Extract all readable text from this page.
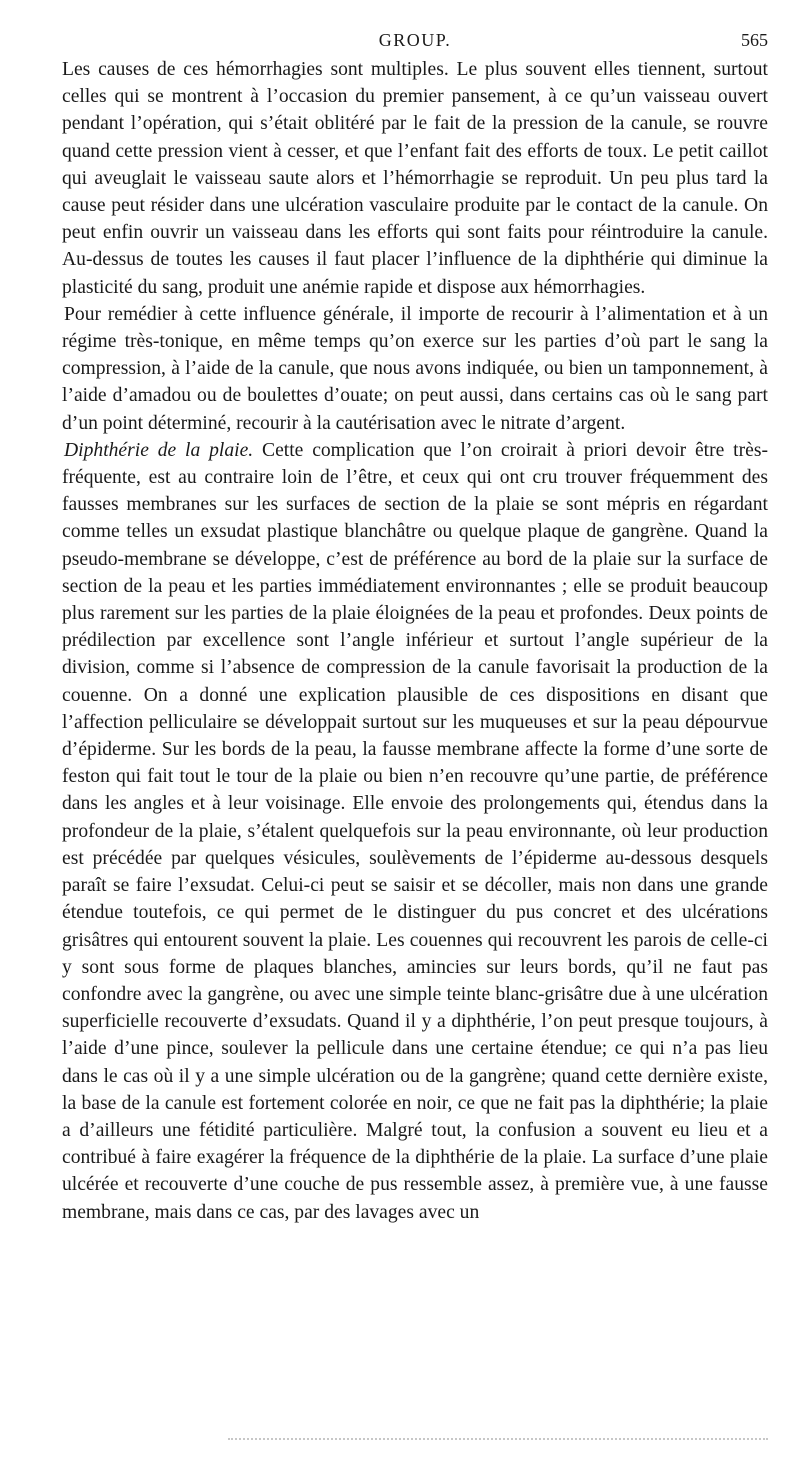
GROUP.	565

Les causes de ces hémorrhagies sont multiples. Le plus souvent elles tiennent, surtout celles qui se montrent à l’occasion du premier pansement, à ce qu’un vaisseau ouvert pendant l’opération, qui s’était oblitéré par le fait de la pression de la canule, se rouvre quand cette pression vient à cesser, et que l’enfant fait des efforts de toux. Le petit caillot qui aveuglait le vaisseau saute alors et l’hémorrhagie se reproduit. Un peu plus tard la cause peut résider dans une ulcération vasculaire produite par le contact de la canule. On peut enfin ouvrir un vaisseau dans les efforts qui sont faits pour réintroduire la canule. Au-dessus de toutes les causes il faut placer l’influence de la diphthérie qui diminue la plasticité du sang, produit une anémie rapide et dispose aux hémorrhagies.

Pour remédier à cette influence générale, il importe de recourir à l’alimentation et à un régime très-tonique, en même temps qu’on exerce sur les parties d’où part le sang la compression, à l’aide de la canule, que nous avons indiquée, ou bien un tamponnement, à l’aide d’amadou ou de boulettes d’ouate; on peut aussi, dans certains cas où le sang part d’un point déterminé, recourir à la cautérisation avec le nitrate d’argent.

Diphthérie de la plaie. Cette complication que l’on croirait à priori devoir être très-fréquente, est au contraire loin de l’être, et ceux qui ont cru trouver fréquemment des fausses membranes sur les surfaces de section de la plaie se sont mépris en régardant comme telles un exsudat plastique blanchâtre ou quelque plaque de gangrène. Quand la pseudo-membrane se développe, c’est de préférence au bord de la plaie sur la surface de section de la peau et les parties immédiatement environnantes ; elle se produit beaucoup plus rarement sur les parties de la plaie éloignées de la peau et profondes. Deux points de prédilection par excellence sont l’angle inférieur et surtout l’angle supérieur de la division, comme si l’absence de compression de la canule favorisait la production de la couenne. On a donné une explication plausible de ces dispositions en disant que l’affection pelliculaire se développait surtout sur les muqueuses et sur la peau dépourvue d’épiderme. Sur les bords de la peau, la fausse membrane affecte la forme d’une sorte de feston qui fait tout le tour de la plaie ou bien n’en recouvre qu’une partie, de préférence dans les angles et à leur voisinage. Elle envoie des prolongements qui, étendus dans la profondeur de la plaie, s’étalent quelquefois sur la peau environnante, où leur production est précédée par quelques vésicules, soulèvements de l’épiderme au-dessous desquels paraît se faire l’exsudat. Celui-ci peut se saisir et se décoller, mais non dans une grande étendue toutefois, ce qui permet de le distinguer du pus concret et des ulcérations grisâtres qui entourent souvent la plaie. Les couennes qui recouvrent les parois de celle-ci y sont sous forme de plaques blanches, amincies sur leurs bords, qu’il ne faut pas confondre avec la gangrène, ou avec une simple teinte blanc-grisâtre due à une ulcération superficielle recouverte d’exsudats. Quand il y a diphthérie, l’on peut presque toujours, à l’aide d’une pince, soulever la pellicule dans une certaine étendue; ce qui n’a pas lieu dans le cas où il y a une simple ulcération ou de la gangrène; quand cette dernière existe, la base de la canule est fortement colorée en noir, ce que ne fait pas la diphthérie; la plaie a d’ailleurs une fétidité particulière. Malgré tout, la confusion a souvent eu lieu et a contribué à faire exagérer la fréquence de la diphthérie de la plaie. La surface d’une plaie ulcérée et recouverte d’une couche de pus ressemble assez, à première vue, à une fausse membrane, mais dans ce cas, par des lavages avec un
